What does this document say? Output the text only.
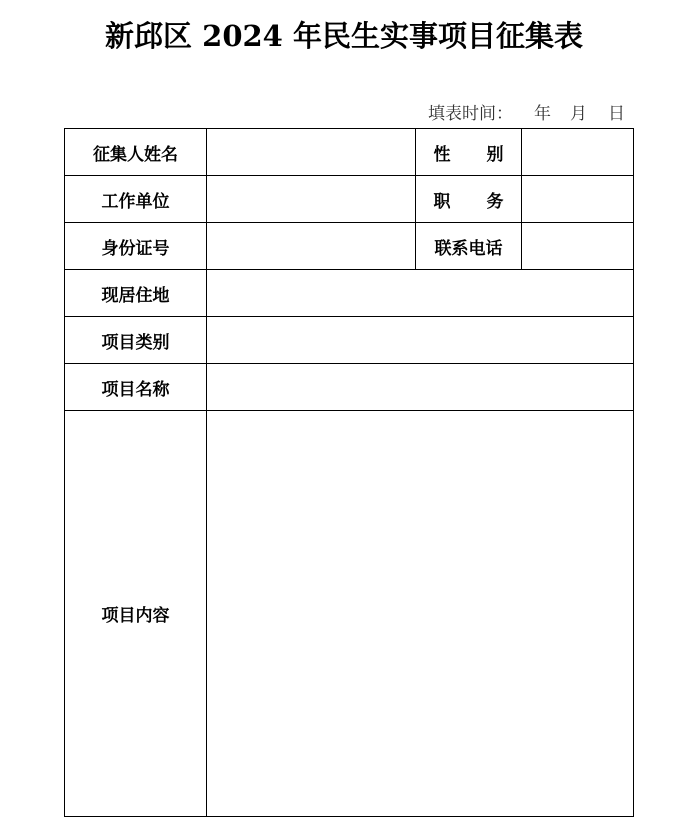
新邱区 2024 年民生实事项目征集表
填表时间： 年 月 日
征集人姓名		性 别	
工作单位		职 务	
身份证号		联系电话	
现居住地			
项目类别			
项目名称			
项目内容			
